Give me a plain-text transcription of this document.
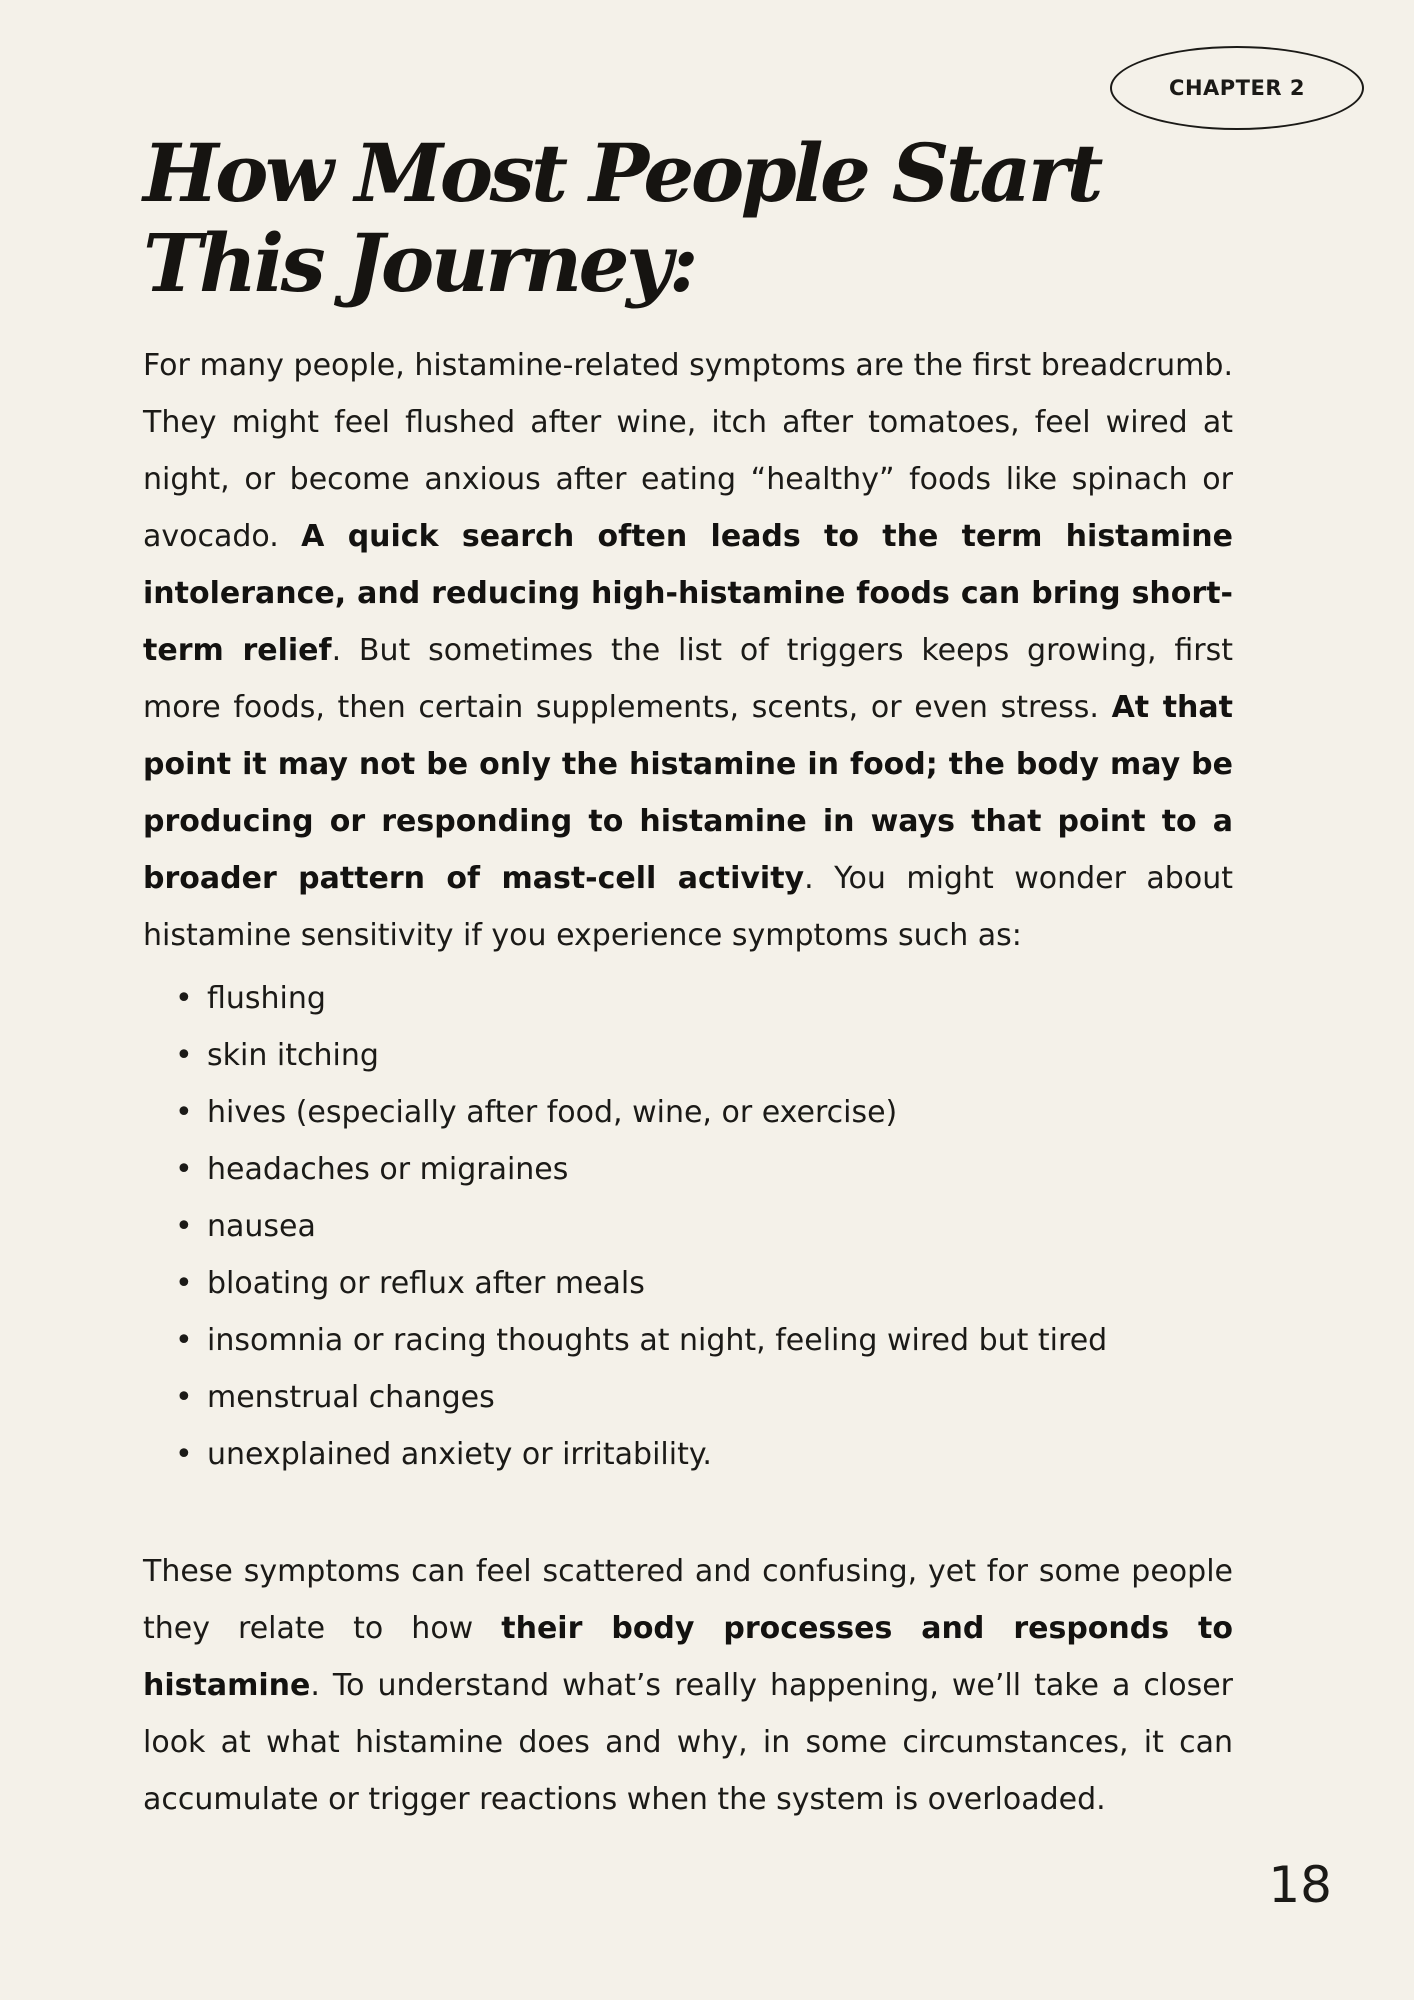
CHAPTER 2
How Most People Start This Journey:

For many people, histamine-related symptoms are the first breadcrumb. They might feel flushed after wine, itch after tomatoes, feel wired at night, or become anxious after eating “healthy” foods like spinach or avocado. A quick search often leads to the term histamine intolerance, and reducing high-histamine foods can bring short-term relief. But sometimes the list of triggers keeps growing, first more foods, then certain supplements, scents, or even stress. At that point it may not be only the histamine in food; the body may be producing or responding to histamine in ways that point to a broader pattern of mast-cell activity. You might wonder about histamine sensitivity if you experience symptoms such as:

• flushing
• skin itching
• hives (especially after food, wine, or exercise)
• headaches or migraines
• nausea
• bloating or reflux after meals
• insomnia or racing thoughts at night, feeling wired but tired
• menstrual changes
• unexplained anxiety or irritability.

These symptoms can feel scattered and confusing, yet for some people they relate to how their body processes and responds to histamine. To understand what’s really happening, we’ll take a closer look at what histamine does and why, in some circumstances, it can accumulate or trigger reactions when the system is overloaded.

18
